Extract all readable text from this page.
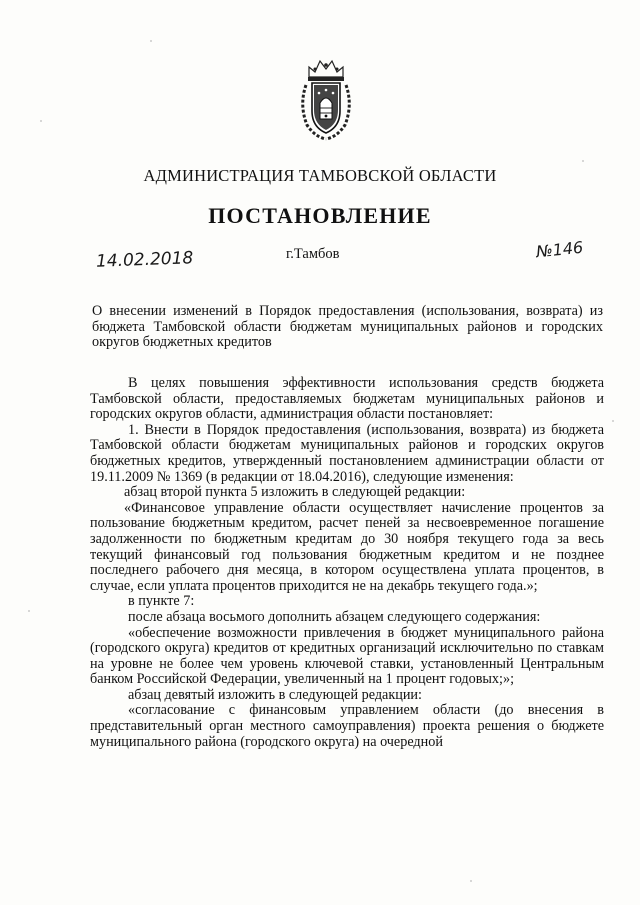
АДМИНИСТРАЦИЯ ТАМБОВСКОЙ ОБЛАСТИ
ПОСТАНОВЛЕНИЕ
14.02.2018	г.Тамбов	№146
О внесении изменений в Порядок предоставления (использования, возврата) из бюджета Тамбовской области бюджетам муниципальных районов и городских округов бюджетных кредитов

В целях повышения эффективности использования средств бюджета Тамбовской области, предоставляемых бюджетам муниципальных районов и городских округов области, администрация области постановляет:

1. Внести в Порядок предоставления (использования, возврата) из бюджета Тамбовской области бюджетам муниципальных районов и городских округов бюджетных кредитов, утвержденный постановлением администрации области от 19.11.2009 № 1369 (в редакции от 18.04.2016), следующие изменения:

абзац второй пункта 5 изложить в следующей редакции:

«Финансовое управление области осуществляет начисление процентов за пользование бюджетным кредитом, расчет пеней за несвоевременное погашение задолженности по бюджетным кредитам до 30 ноября текущего года за весь текущий финансовый год пользования бюджетным кредитом и не позднее последнего рабочего дня месяца, в котором осуществлена уплата процентов, в случае, если уплата процентов приходится не на декабрь текущего года.»;

в пункте 7:

после абзаца восьмого дополнить абзацем следующего содержания:

«обеспечение возможности привлечения в бюджет муниципального района (городского округа) кредитов от кредитных организаций исключительно по ставкам на уровне не более чем уровень ключевой ставки, установленный Центральным банком Российской Федерации, увеличенный на 1 процент годовых;»;

абзац девятый изложить в следующей редакции:

«согласование с финансовым управлением области (до внесения в представительный орган местного самоуправления) проекта решения о бюджете муниципального района (городского округа) на очередной
